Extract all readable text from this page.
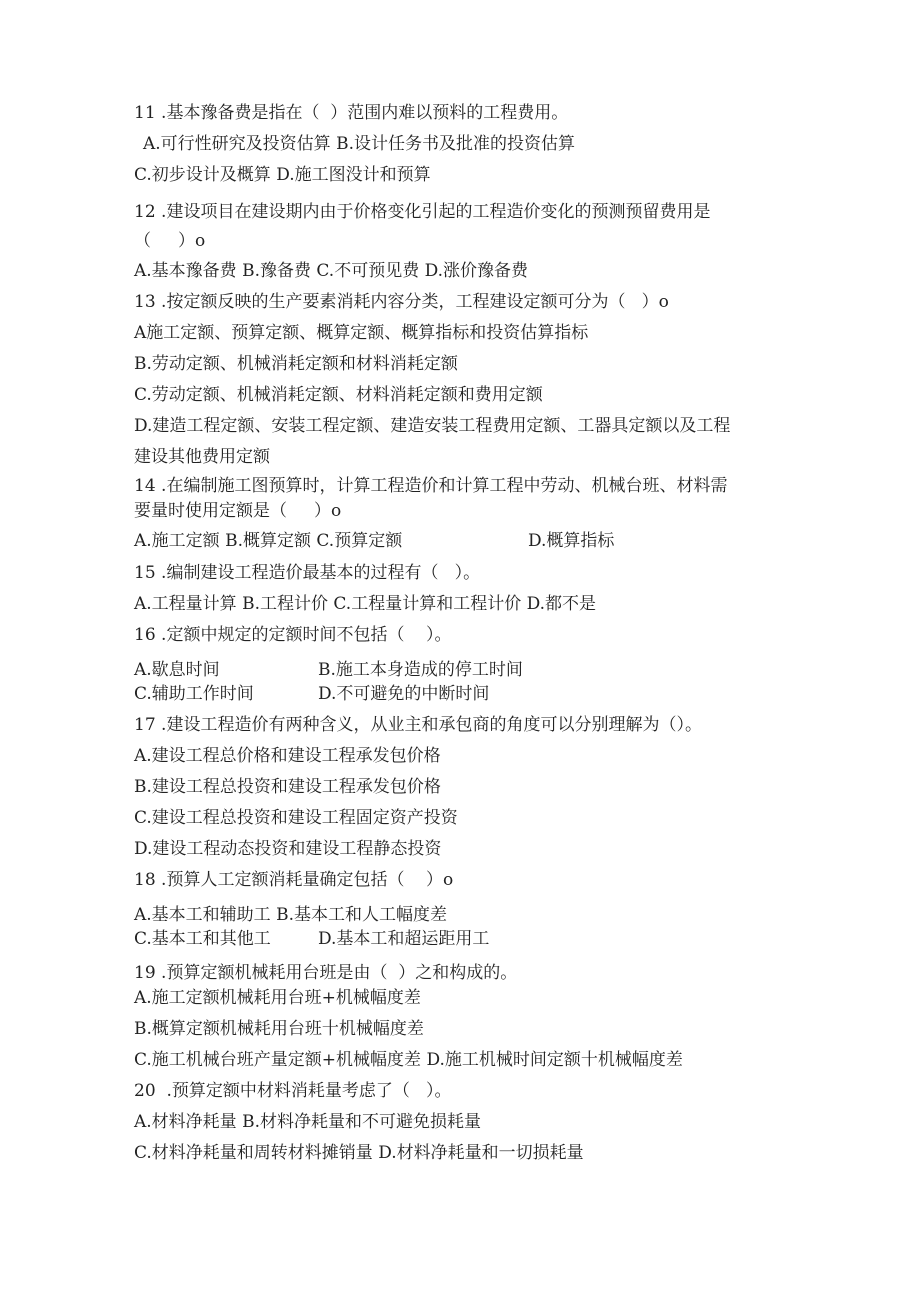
11 .基本豫备费是指在（  ）范围内难以预料的工程费用。
A.可行性研究及投资估算 B.设计任务书及批准的投资估算
C.初步设计及概算 D.施工图没计和预算
12 .建设项目在建设期内由于价格变化引起的工程造价变化的预测预留费用是
（     ）o
A.基本豫备费 B.豫备费 C.不可预见费 D.涨价豫备费
13 .按定额反映的生产要素消耗内容分类，工程建设定额可分为（   ）o
A施工定额、预算定额、概算定额、概算指标和投资估算指标
B.劳动定额、机械消耗定额和材料消耗定额
C.劳动定额、机械消耗定额、材料消耗定额和费用定额
D.建造工程定额、安装工程定额、建造安装工程费用定额、工器具定额以及工程
建设其他费用定额
14 .在编制施工图预算时，计算工程造价和计算工程中劳动、机械台班、材料需
要量时使用定额是（     ）o
A.施工定额 B.概算定额 C.预算定额	D.概算指标
15 .编制建设工程造价最基本的过程有（   ）。
A.工程量计算 B.工程计价 C.工程量计算和工程计价 D.都不是
16 .定额中规定的定额时间不包括（    ）。
A.歇息时间	B.施工本身造成的停工时间
C.辅助工作时间	D.不可避免的中断时间
17 .建设工程造价有两种含义，从业主和承包商的角度可以分别理解为（）。
A.建设工程总价格和建设工程承发包价格
B.建设工程总投资和建设工程承发包价格
C.建设工程总投资和建设工程固定资产投资
D.建设工程动态投资和建设工程静态投资
18 .预算人工定额消耗量确定包括（    ）o
A.基本工和辅助工 B.基本工和人工幅度差
C.基本工和其他工	D.基本工和超运距用工
19 .预算定额机械耗用台班是由（  ）之和构成的。
A.施工定额机械耗用台班+机械幅度差
B.概算定额机械耗用台班十机械幅度差
C.施工机械台班产量定额+机械幅度差 D.施工机械时间定额十机械幅度差
20  .预算定额中材料消耗量考虑了（   ）。
A.材料净耗量 B.材料净耗量和不可避免损耗量
C.材料净耗量和周转材料摊销量 D.材料净耗量和一切损耗量
